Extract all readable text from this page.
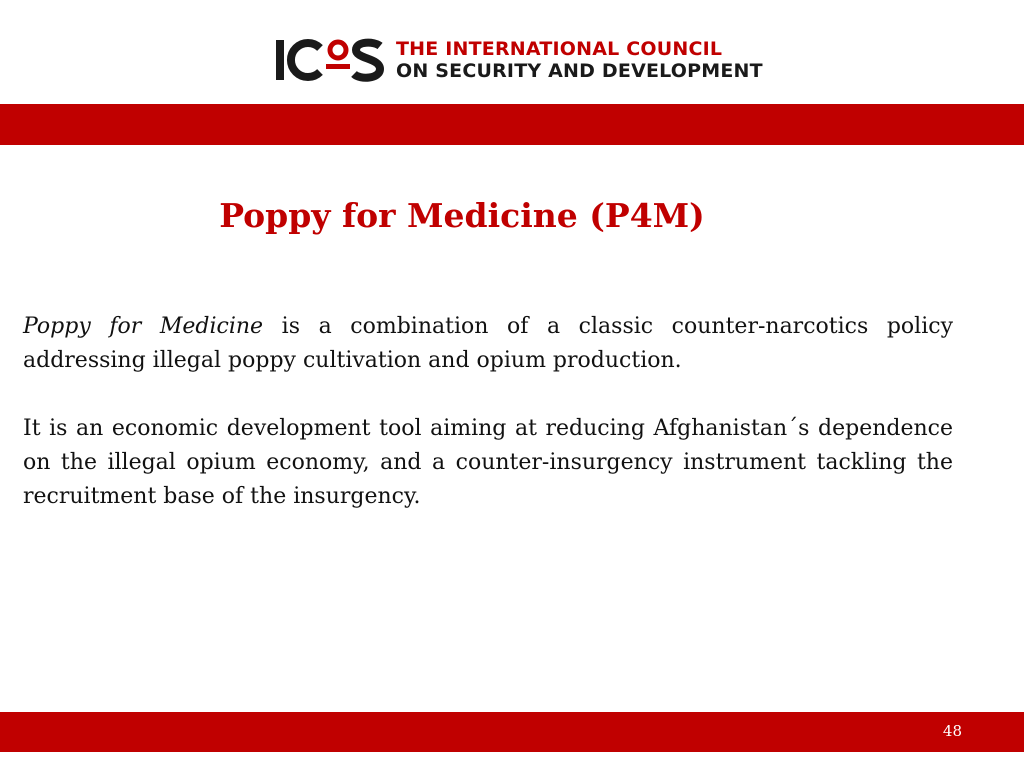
THE INTERNATIONAL COUNCIL
ON SECURITY AND DEVELOPMENT
Poppy for Medicine (P4M)

Poppy for Medicine is a combination of a classic counter-narcotics policy addressing illegal poppy cultivation and opium production.

It is an economic development tool aiming at reducing Afghanistan´s dependence on the illegal opium economy, and a counter-insurgency instrument tackling the recruitment base of the insurgency.

48
